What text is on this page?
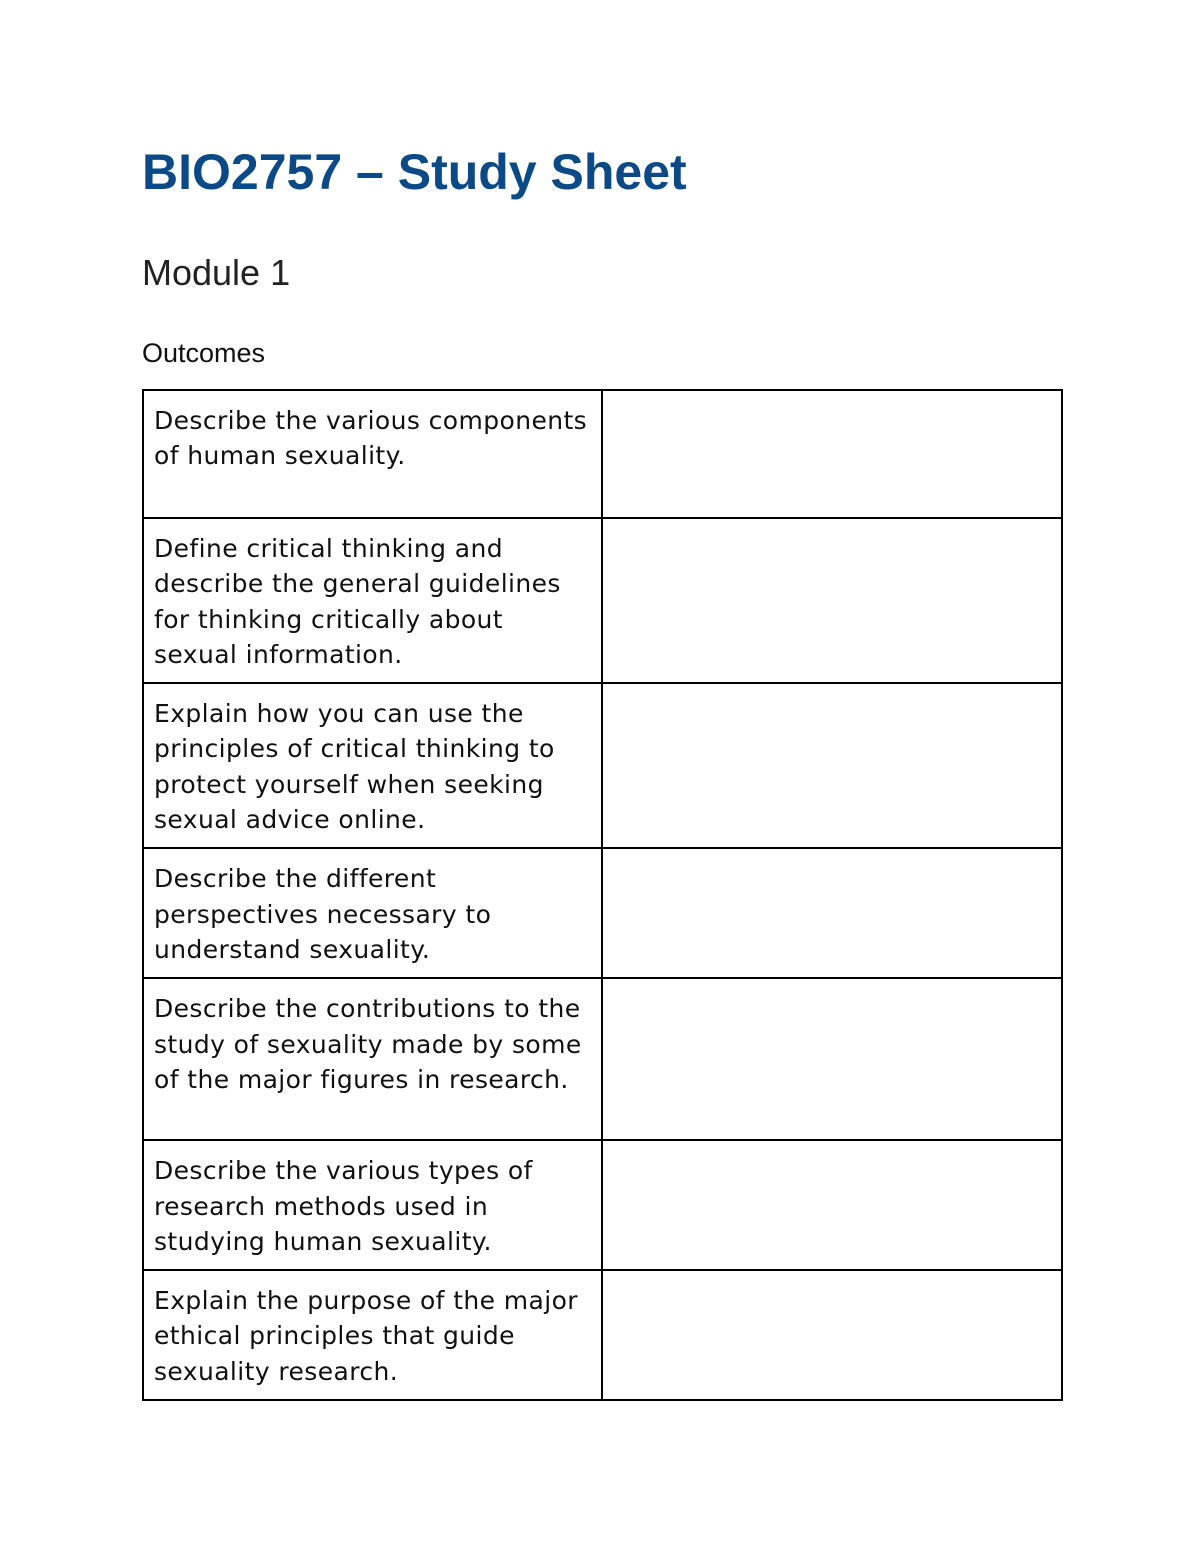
BIO2757 – Study Sheet
Module 1
Outcomes
Describe the various components of human sexuality.	
Define critical thinking and describe the general guidelines for thinking critically about sexual information.	
Explain how you can use the principles of critical thinking to protect yourself when seeking sexual advice online.	
Describe the different perspectives necessary to understand sexuality.	
Describe the contributions to the study of sexuality made by some of the major figures in research.	
Describe the various types of research methods used in studying human sexuality.	
Explain the purpose of the major ethical principles that guide sexuality research.	
